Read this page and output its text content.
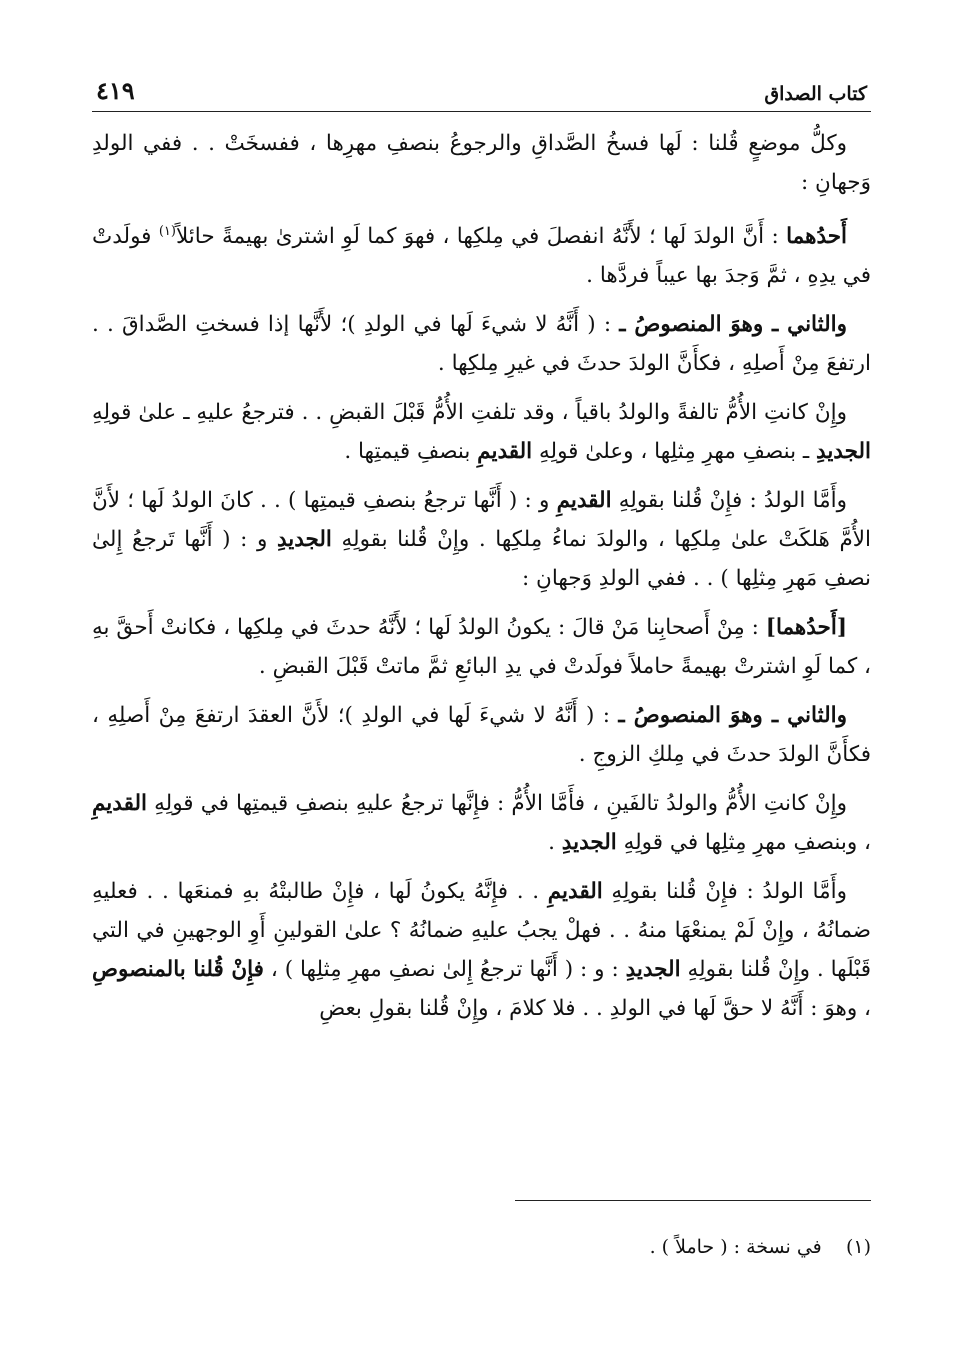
كتاب الصداق
٤١٩

وكلُّ موضعٍ قُلنا : لَها فسخُ الصَّداقِ والرجوعُ بنصفِ مهرِها ، ففسخَتْ . . ففي الولدِ وَجهانِ :

أَحدُهما : أَنَّ الولدَ لَها ؛ لأَنَّهُ انفصلَ في مِلكِها ، فهوَ كما لَوِ اشترىٰ بهيمةً حائلاً$^{(١)}$ فولَدتْ في يدِهِ ، ثمَّ وَجدَ بها عيباً فردَّها .

والثاني ـ وهوَ المنصوصُ ـ : ( أَنَّهُ لا شيءَ لَها في الولدِ )؛ لأَنَّها إذا فسختِ الصَّداقَ . . ارتفعَ مِنْ أَصلِهِ ، فكأَنَّ الولدَ حدثَ في غيرِ مِلكِها .

وإِنْ كانتِ الأُمُّ تالفةً والولدُ باقياً ، وقد تلفتِ الأُمُّ قَبْلَ القبضِ . . فترجعُ عليهِ ـ علىٰ قولِهِ الجديدِ ـ بنصفِ مهرِ مِثلِها ، وعلىٰ قولِهِ القديمِ بنصفِ قيمتِها .

وأَمَّا الولدُ : فإِنْ قُلنا بقولِهِ القديمِ و : ( أَنَّها ترجعُ بنصفِ قيمتِها ) . . كانَ الولدُ لَها ؛ لأَنَّ الأُمَّ هَلكَتْ علىٰ مِلكِها ، والولدَ نماءُ مِلكِها . وإِنْ قُلنا بقولِهِ الجديدِ و : ( أَنَّها تَرجعُ إِلىٰ نصفِ مَهرِ مِثلِها ) . . ففي الولدِ وَجهانِ :

[أَحدُهما] : مِنْ أَصحابِنا مَنْ قالَ : يكونُ الولدُ لَها ؛ لأَنَّهُ حدثَ في مِلكِها ، فكانتْ أَحقَّ بهِ ، كما لَوِ اشترتْ بهيمةً حاملاً فولَدتْ في يدِ البائعِ ثمَّ ماتتْ قَبْلَ القبضِ .

والثاني ـ وهوَ المنصوصُ ـ : ( أَنَّهُ لا شيءَ لَها في الولدِ )؛ لأَنَّ العقدَ ارتفعَ مِنْ أَصلِهِ ، فكأَنَّ الولدَ حدثَ في مِلكِ الزوجِ .

وإِنْ كانتِ الأُمُّ والولدُ تالفَينِ ، فأَمَّا الأُمُّ : فإِنَّها ترجعُ عليهِ بنصفِ قيمتِها في قولِهِ القديمِ ، وبنصفِ مهرِ مِثلِها في قولِهِ الجديدِ .

وأَمَّا الولدُ : فإِنْ قُلنا بقولِهِ القديمِ . . فإِنَّهُ يكونُ لَها ، فإِنْ طالبتْهُ بهِ فمنعَها . . فعليهِ ضمانُهُ ، وإِنْ لَمْ يمنعْهَا منهُ . . فهلْ يجبُ عليهِ ضمانُهُ ؟ علىٰ القولينِ أَوِ الوجهينِ في التي قَبْلَها . وإِنْ قُلنا بقولِهِ الجديدِ : و : ( أَنَّها ترجعُ إِلىٰ نصفِ مهرِ مِثلِها ) ، فإِنْ قُلنا بالمنصوصِ ، وهوَ : أَنَّهُ لا حقَّ لَها في الولدِ . . فلا كلامَ ، وإِنْ قُلنا بقولِ بعضِ

(١)    في نسخة : ( حاملاً ) .
